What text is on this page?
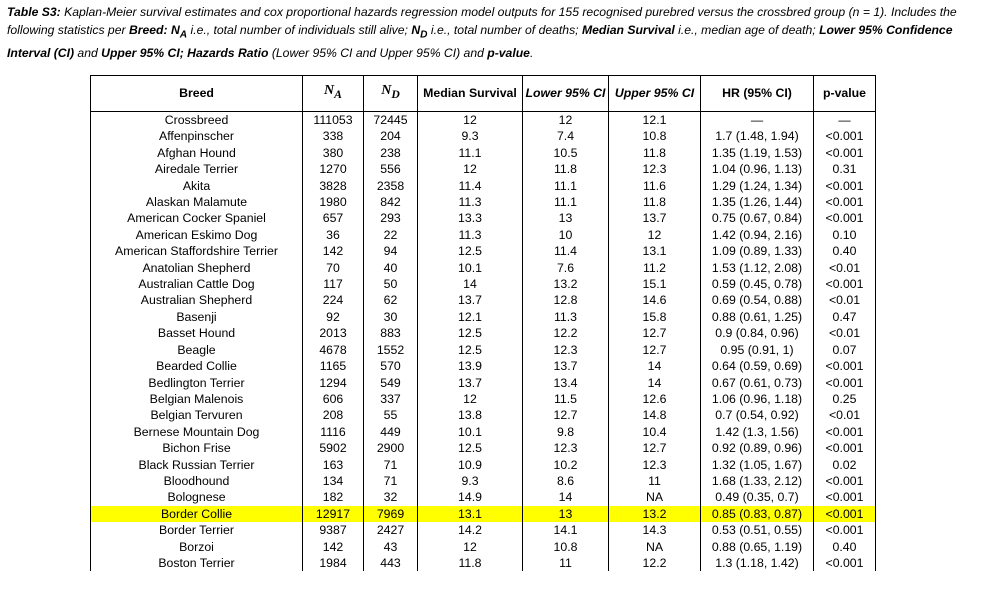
Table S3: Kaplan-Meier survival estimates and cox proportional hazards regression model outputs for 155 recognised purebred versus the crossbred group (n = 1). Includes the following statistics per Breed: $N_A$ i.e., total number of individuals still alive; $N_D$ i.e., total number of deaths; Median Survival i.e., median age of death; Lower 95% Confidence Interval (CI) and Upper 95% CI; Hazards Ratio (Lower 95% CI and Upper 95% CI) and p-value.
Breed	$N_A$	$N_D$	Median Survival	Lower 95% CI	Upper 95% CI	HR (95% CI)	p-value
Crossbreed	111053	72445	12	12	12.1	—	—
Affenpinscher	338	204	9.3	7.4	10.8	1.7 (1.48, 1.94)	<0.001
Afghan Hound	380	238	11.1	10.5	11.8	1.35 (1.19, 1.53)	<0.001
Airedale Terrier	1270	556	12	11.8	12.3	1.04 (0.96, 1.13)	0.31
Akita	3828	2358	11.4	11.1	11.6	1.29 (1.24, 1.34)	<0.001
Alaskan Malamute	1980	842	11.3	11.1	11.8	1.35 (1.26, 1.44)	<0.001
American Cocker Spaniel	657	293	13.3	13	13.7	0.75 (0.67, 0.84)	<0.001
American Eskimo Dog	36	22	11.3	10	12	1.42 (0.94, 2.16)	0.10
American Staffordshire Terrier	142	94	12.5	11.4	13.1	1.09 (0.89, 1.33)	0.40
Anatolian Shepherd	70	40	10.1	7.6	11.2	1.53 (1.12, 2.08)	<0.01
Australian Cattle Dog	117	50	14	13.2	15.1	0.59 (0.45, 0.78)	<0.001
Australian Shepherd	224	62	13.7	12.8	14.6	0.69 (0.54, 0.88)	<0.01
Basenji	92	30	12.1	11.3	15.8	0.88 (0.61, 1.25)	0.47
Basset Hound	2013	883	12.5	12.2	12.7	0.9 (0.84, 0.96)	<0.01
Beagle	4678	1552	12.5	12.3	12.7	0.95 (0.91, 1)	0.07
Bearded Collie	1165	570	13.9	13.7	14	0.64 (0.59, 0.69)	<0.001
Bedlington Terrier	1294	549	13.7	13.4	14	0.67 (0.61, 0.73)	<0.001
Belgian Malenois	606	337	12	11.5	12.6	1.06 (0.96, 1.18)	0.25
Belgian Tervuren	208	55	13.8	12.7	14.8	0.7 (0.54, 0.92)	<0.01
Bernese Mountain Dog	1116	449	10.1	9.8	10.4	1.42 (1.3, 1.56)	<0.001
Bichon Frise	5902	2900	12.5	12.3	12.7	0.92 (0.89, 0.96)	<0.001
Black Russian Terrier	163	71	10.9	10.2	12.3	1.32 (1.05, 1.67)	0.02
Bloodhound	134	71	9.3	8.6	11	1.68 (1.33, 2.12)	<0.001
Bolognese	182	32	14.9	14	NA	0.49 (0.35, 0.7)	<0.001
Border Collie	12917	7969	13.1	13	13.2	0.85 (0.83, 0.87)	<0.001
Border Terrier	9387	2427	14.2	14.1	14.3	0.53 (0.51, 0.55)	<0.001
Borzoi	142	43	12	10.8	NA	0.88 (0.65, 1.19)	0.40
Boston Terrier	1984	443	11.8	11	12.2	1.3 (1.18, 1.42)	<0.001
